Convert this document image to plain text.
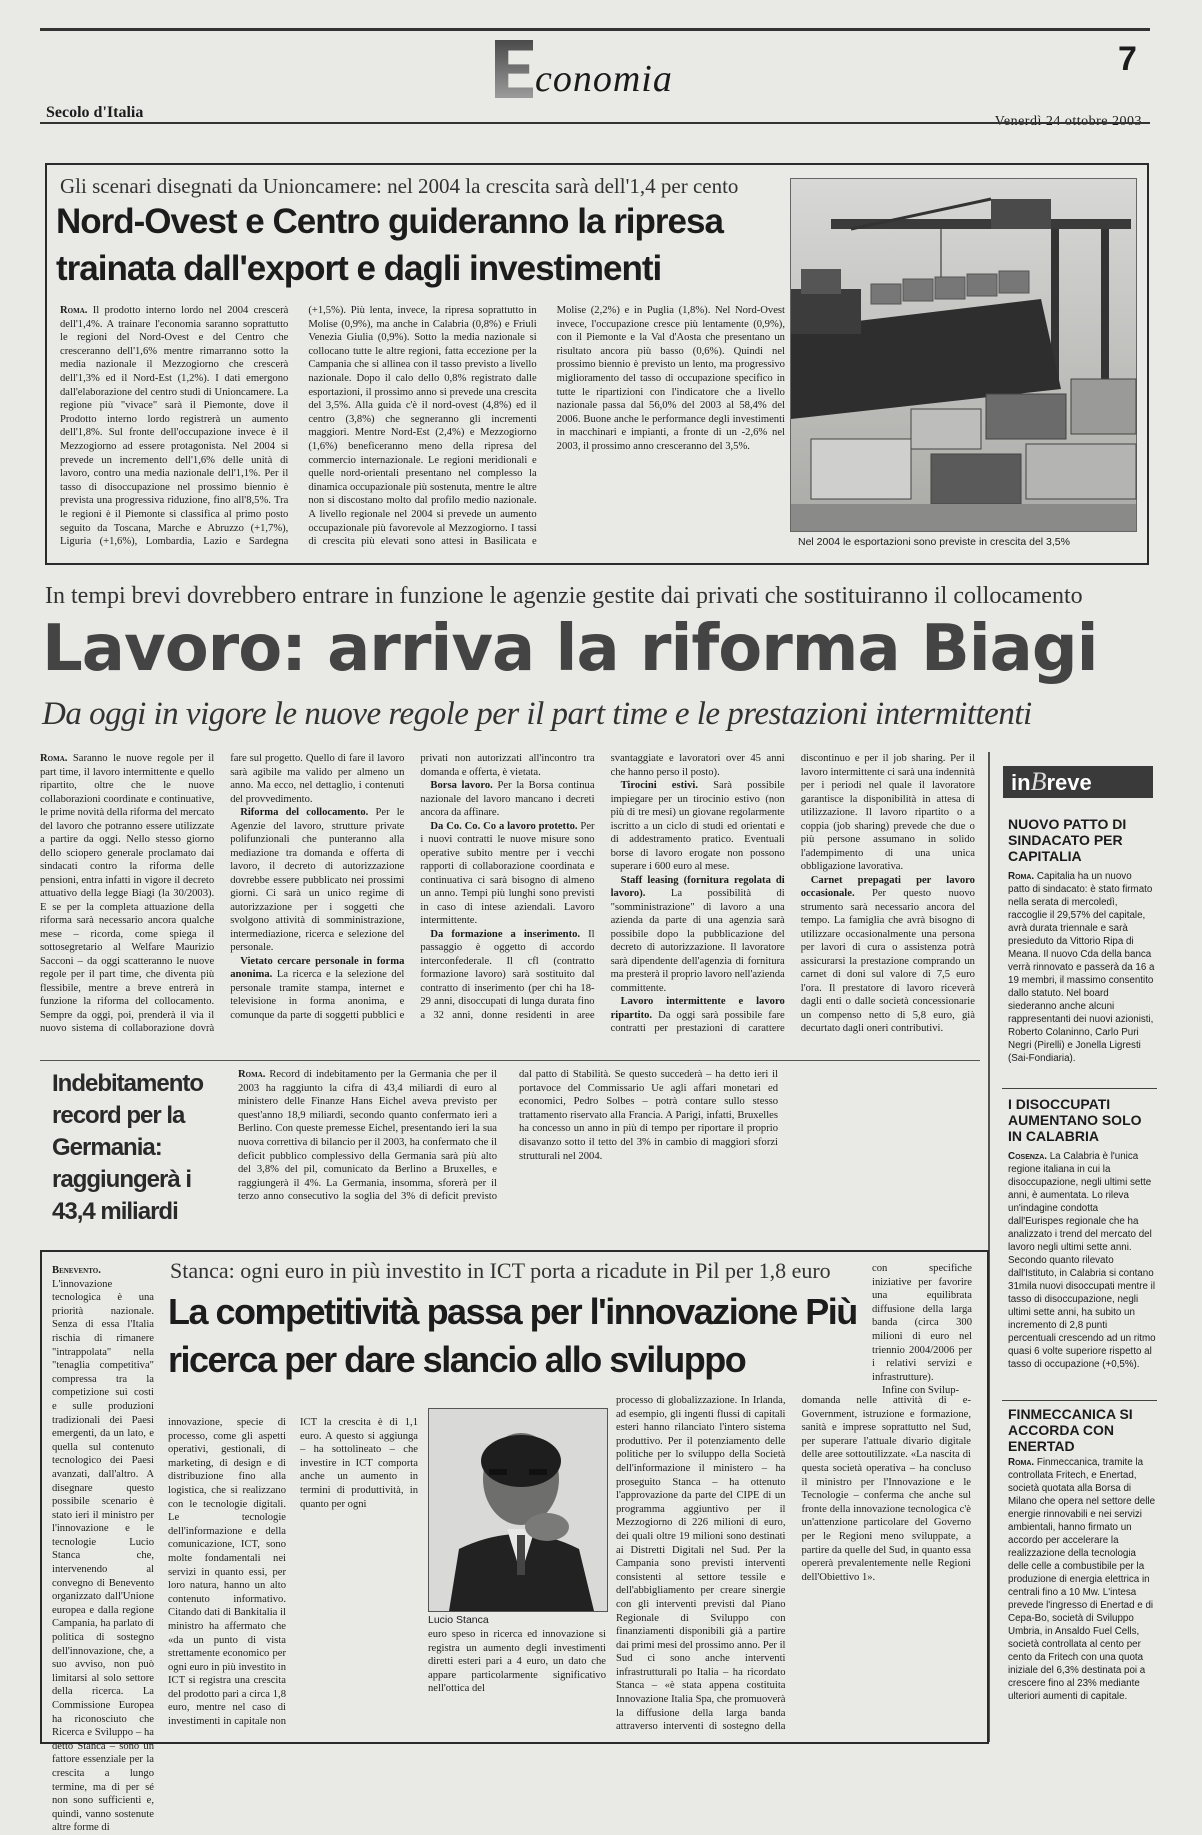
conomia	7
Secolo d'Italia
Gli scenari disegnati da Unioncamere: nel 2004 la crescita sarà dell'1,4 per cento
Nord-Ovest e Centro guideranno la ripresa trainata dall'export e dagli investimenti

Roma. Il prodotto interno lordo nel 2004 crescerà dell'1,4%. A trainare l'economia saranno soprattutto le regioni del Nord-Ovest e del Centro che cresceranno dell'1,6% mentre rimarranno sotto la media nazionale il Mezzogiorno che crescerà dell'1,3% ed il Nord-Est (1,2%). I dati emergono dall'elaborazione del centro studi di Unioncamere. La regione più "vivace" sarà il Piemonte, dove il Prodotto interno lordo registrerà un aumento dell'1,8%. Sul fronte dell'occupazione invece è il Mezzogiorno ad essere protagonista. Nel 2004 si prevede un incremento dell'1,6% delle unità di lavoro, contro una media nazionale dell'1,1%. Per il tasso di disoccupazione nel prossimo biennio è prevista una progressiva riduzione, fino all'8,5%. Tra le regioni è il Piemonte si classifica al primo posto seguito da Toscana, Marche e Abruzzo (+1,7%), Liguria (+1,6%), Lombardia, Lazio e Sardegna (+1,5%). Più lenta, invece, la ripresa soprattutto in Molise (0,9%), ma anche in Calabria (0,8%) e Friuli Venezia Giulia (0,9%). Sotto la media nazionale si collocano tutte le altre regioni, fatta eccezione per la Campania che si allinea con il tasso previsto a livello nazionale. Dopo il calo dello 0,8% registrato dalle esportazioni, il prossimo anno si prevede una crescita del 3,5%. Alla guida c'è il nord-ovest (4,8%) ed il centro (3,8%) che segneranno gli incrementi maggiori. Mentre Nord-Est (2,4%) e Mezzogiorno (1,6%) beneficeranno meno della ripresa del commercio internazionale. Le regioni meridionali e quelle nord-orientali presentano nel complesso la dinamica occupazionale più sostenuta, mentre le altre non si discostano molto dal profilo medio nazionale. A livello regionale nel 2004 si prevede un aumento occupazionale più favorevole al Mezzogiorno. I tassi di crescita più elevati sono attesi in Basilicata e Molise (2,2%) e in Puglia (1,8%). Nel Nord-Ovest invece, l'occupazione cresce più lentamente (0,9%), con il Piemonte e la Val d'Aosta che presentano un risultato ancora più basso (0,6%). Quindi nel prossimo biennio è previsto un lento, ma progressivo miglioramento del tasso di occupazione specifico in tutte le ripartizioni con l'indicatore che a livello nazionale passa dal 56,0% del 2003 al 58,4% del 2006. Buone anche le performance degli investimenti in macchinari e impianti, a fronte di un -2,6% nel 2003, il prossimo anno cresceranno del 3,5%.

Nel 2004 le esportazioni sono previste in crescita del 3,5%
In tempi brevi dovrebbero entrare in funzione le agenzie gestite dai privati che sostituiranno il collocamento
Lavoro: arriva la riforma Biagi
Da oggi in vigore le nuove regole per il part time e le prestazioni intermittenti

Roma. Saranno le nuove regole per il part time, il lavoro intermittente e quello ripartito, oltre che le nuove collaborazioni coordinate e continuative, le prime novità della riforma del mercato del lavoro che potranno essere utilizzate a partire da oggi. Nello stesso giorno dello sciopero generale proclamato dai sindacati contro la riforma delle pensioni, entra infatti in vigore il decreto attuativo della legge Biagi (la 30/2003). E se per la completa attuazione della riforma sarà necessario ancora qualche mese – ricorda, come spiega il sottosegretario al Welfare Maurizio Sacconi – da oggi scatteranno le nuove regole per il part time, che diventa più flessibile, mentre a breve entrerà in funzione la riforma del collocamento. Sempre da oggi, poi, prenderà il via il nuovo sistema di collaborazione dovrà fare sul progetto. Quello di fare il lavoro sarà agibile ma valido per almeno un anno. Ma ecco, nel dettaglio, i contenuti del provvedimento.

Riforma del collocamento. Per le Agenzie del lavoro, strutture private polifunzionali che punteranno alla mediazione tra domanda e offerta di lavoro, il decreto di autorizzazione dovrebbe essere pubblicato nei prossimi giorni. Ci sarà un unico regime di autorizzazione per i soggetti che svolgono attività di somministrazione, intermediazione, ricerca e selezione del personale.

Vietato cercare personale in forma anonima. La ricerca e la selezione del personale tramite stampa, internet e televisione in forma anonima, e comunque da parte di soggetti pubblici e privati non autorizzati all'incontro tra domanda e offerta, è vietata.

Borsa lavoro. Per la Borsa continua nazionale del lavoro mancano i decreti ancora da affinare.

Da Co. Co. Co a lavoro protetto. Per i nuovi contratti le nuove misure sono operative subito mentre per i vecchi rapporti di collaborazione coordinata e continuativa ci sarà bisogno di almeno un anno. Tempi più lunghi sono previsti in caso di intese aziendali. Lavoro intermittente.

Da formazione a inserimento. Il passaggio è oggetto di accordo interconfederale. Il cfl (contratto formazione lavoro) sarà sostituito dal contratto di inserimento (per chi ha 18-29 anni, disoccupati di lunga durata fino a 32 anni, donne residenti in aree svantaggiate e lavoratori over 45 anni che hanno perso il posto).

Tirocini estivi. Sarà possibile impiegare per un tirocinio estivo (non più di tre mesi) un giovane regolarmente iscritto a un ciclo di studi ed orientati e di addestramento pratico. Eventuali borse di lavoro erogate non possono superare i 600 euro al mese.

Staff leasing (fornitura regolata di lavoro). La possibilità di "somministrazione" di lavoro a una azienda da parte di una agenzia sarà possibile dopo la pubblicazione del decreto di autorizzazione. Il lavoratore sarà dipendente dell'agenzia di fornitura ma presterà il proprio lavoro nell'azienda committente.

Lavoro intermittente e lavoro ripartito. Da oggi sarà possibile fare contratti per prestazioni di carattere discontinuo e per il job sharing. Per il lavoro intermittente ci sarà una indennità per i periodi nel quale il lavoratore garantisce la disponibilità in attesa di utilizzazione. Il lavoro ripartito o a coppia (job sharing) prevede che due o più persone assumano in solido l'adempimento di una unica obbligazione lavorativa.

Carnet prepagati per lavoro occasionale. Per questo nuovo strumento sarà necessario ancora del tempo. La famiglia che avrà bisogno di utilizzare occasionalmente una persona per lavori di cura o assistenza potrà assicurarsi la prestazione comprando un carnet di doni sul valore di 7,5 euro l'ora. Il prestatore di lavoro riceverà dagli enti o dalle società concessionarie un compenso netto di 5,8 euro, già decurtato dagli oneri contributivi.

inBreve
NUOVO PATTO DI SINDACATO PER CAPITALIA
Roma. Capitalia ha un nuovo patto di sindacato: è stato firmato nella serata di mercoledì, raccoglie il 29,57% del capitale, avrà durata triennale e sarà presieduto da Vittorio Ripa di Meana. Il nuovo Cda della banca verrà rinnovato e passerà da 16 a 19 membri, il massimo consentito dallo statuto. Nel board siederanno anche alcuni rappresentanti dei nuovi azionisti, Roberto Colaninno, Carlo Puri Negri (Pirelli) e Jonella Ligresti (Sai-Fondiaria).
I DISOCCUPATI AUMENTANO SOLO IN CALABRIA
Cosenza. La Calabria è l'unica regione italiana in cui la disoccupazione, negli ultimi sette anni, è aumentata. Lo rileva un'indagine condotta dall'Eurispes regionale che ha analizzato i trend del mercato del lavoro negli ultimi sette anni. Secondo quanto rilevato dall'Istituto, in Calabria si contano 31mila nuovi disoccupati mentre il tasso di disoccupazione, negli ultimi sette anni, ha subito un incremento di 2,8 punti percentuali crescendo ad un ritmo quasi 6 volte superiore rispetto al tasso di occupazione (+0,5%).
FINMECCANICA SI ACCORDA CON ENERTAD
Roma. Finmeccanica, tramite la controllata Fritech, e Enertad, società quotata alla Borsa di Milano che opera nel settore delle energie rinnovabili e nei servizi ambientali, hanno firmato un accordo per accelerare la realizzazione della tecnologia delle celle a combustibile per la produzione di energia elettrica in centrali fino a 10 Mw. L'intesa prevede l'ingresso di Enertad e di Cepa-Bo, società di Sviluppo Umbria, in Ansaldo Fuel Cells, società controllata al cento per cento da Fritech con una quota iniziale del 6,3% destinata poi a crescere fino al 23% mediante ulteriori aumenti di capitale.
Indebitamento record per la Germania: raggiungerà i 43,4 miliardi

Roma. Record di indebitamento per la Germania che per il 2003 ha raggiunto la cifra di 43,4 miliardi di euro al ministero delle Finanze Hans Eichel aveva previsto per quest'anno 18,9 miliardi, secondo quanto confermato ieri a Berlino. Con queste premesse Eichel, presentando ieri la sua nuova correttiva di bilancio per il 2003, ha confermato che il deficit pubblico complessivo della Germania sarà più alto del 3,8% del pil, comunicato da Berlino a Bruxelles, e raggiungerà il 4%. La Germania, insomma, sforerà per il terzo anno consecutivo la soglia del 3% di deficit previsto dal patto di Stabilità. Se questo succederà – ha detto ieri il portavoce del Commissario Ue agli affari monetari ed economici, Pedro Solbes – potrà contare sullo stesso trattamento riservato alla Francia. A Parigi, infatti, Bruxelles ha concesso un anno in più di tempo per riportare il proprio disavanzo sotto il tetto del 3% in cambio di maggiori sforzi strutturali nel 2004.

Benevento. L'innovazione tecnologica è una priorità nazionale. Senza di essa l'Italia rischia di rimanere "intrappolata" nella "tenaglia competitiva" compressa tra la competizione sui costi e sulle produzioni tradizionali dei Paesi emergenti, da un lato, e quella sul contenuto tecnologico dei Paesi avanzati, dall'altro. A disegnare questo possibile scenario è stato ieri il ministro per l'innovazione e le tecnologie Lucio Stanca che, intervenendo al convegno di Benevento organizzato dall'Unione europea e dalla regione Campania, ha parlato di politica di sostegno dell'innovazione, che, a suo avviso, non può limitarsi al solo settore della ricerca. La Commissione Europea ha riconosciuto che Ricerca e Sviluppo – ha detto Stanca – sono un fattore essenziale per la crescita a lungo termine, ma di per sé non sono sufficienti e, quindi, vanno sostenute altre forme di

Stanca: ogni euro in più investito in ICT porta a ricadute in Pil per 1,8 euro
La competitività passa per l'innovazione Più ricerca per dare slancio allo sviluppo

con specifiche iniziative per favorire una equilibrata diffusione della larga banda (circa 300 milioni di euro nel triennio 2004/2006 per i relativi servizi e infrastrutture).

Infine con Svilup-

innovazione, specie di processo, come gli aspetti operativi, gestionali, di marketing, di design e di distribuzione fino alla logistica, che si realizzano con le tecnologie digitali. Le tecnologie dell'informazione e della comunicazione, ICT, sono molte fondamentali nei servizi in quanto essi, per loro natura, hanno un alto contenuto informativo. Citando dati di Bankitalia il ministro ha affermato che «da un punto di vista strettamente economico per ogni euro in più investito in ICT si registra una crescita del prodotto pari a circa 1,8 euro, mentre nel caso di investimenti in capitale non ICT la crescita è di 1,1 euro. A questo si aggiunga – ha sottolineato – che investire in ICT comporta anche un aumento in termini di produttività, in quanto per ogni

Lucio Stanca

euro speso in ricerca ed innovazione si registra un aumento degli investimenti diretti esteri pari a 4 euro, un dato che appare particolarmente significativo nell'ottica del

processo di globalizzazione. In Irlanda, ad esempio, gli ingenti flussi di capitali esteri hanno rilanciato l'intero sistema produttivo. Per il potenziamento delle politiche per lo sviluppo della Società dell'informazione il ministero – ha proseguito Stanca – ha ottenuto l'approvazione da parte del CIPE di un programma aggiuntivo per il Mezzogiorno di 226 milioni di euro, dei quali oltre 19 milioni sono destinati ai Distretti Digitali nel Sud. Per la Campania sono previsti interventi consistenti al settore tessile e dell'abbigliamento per creare sinergie con gli interventi previsti dal Piano Regionale di Sviluppo con finanziamenti disponibili già a partire dai primi mesi del prossimo anno. Per il Sud ci sono anche interventi infrastrutturali po Italia – ha ricordato Stanca – «è stata appena costituita Innovazione Italia Spa, che promuoverà la diffusione della larga banda attraverso interventi di sostegno della domanda nelle attività di e-Government, istruzione e formazione, sanità e imprese soprattutto nel Sud, per superare l'attuale divario digitale delle aree sottoutilizzate. «La nascita di questa società operativa – ha concluso il ministro per l'Innovazione e le Tecnologie – conferma che anche sul fronte della innovazione tecnologica c'è un'attenzione particolare del Governo per le Regioni meno sviluppate, a partire da quelle del Sud, in quanto essa opererà prevalentemente nelle Regioni dell'Obiettivo 1».
